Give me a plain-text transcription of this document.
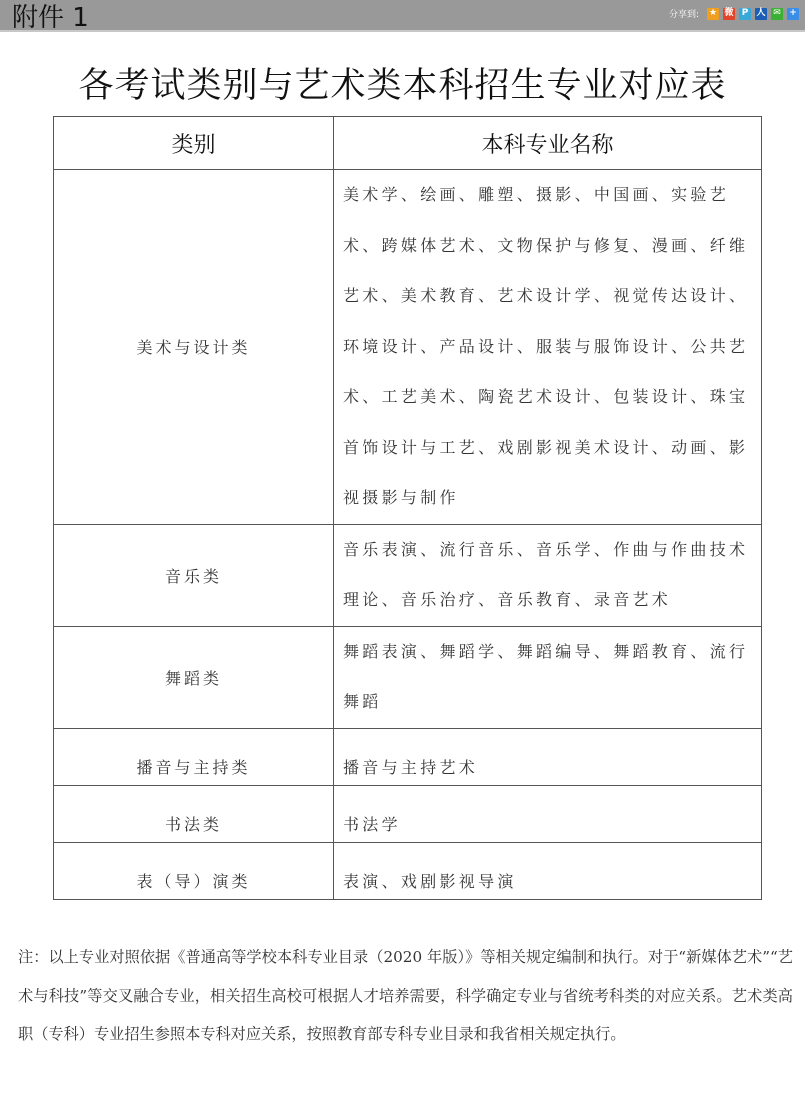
附件 1	分享到: ★ 微 P 人 ✉ +
各考试类别与艺术类本科招生专业对应表
类别	本科专业名称
美术与设计类	美术学、绘画、雕塑、摄影、中国画、实验艺术、跨媒体艺术、文物保护与修复、漫画、纤维艺术、美术教育、艺术设计学、视觉传达设计、环境设计、产品设计、服装与服饰设计、公共艺术、工艺美术、陶瓷艺术设计、包装设计、珠宝首饰设计与工艺、戏剧影视美术设计、动画、影视摄影与制作
音乐类	音乐表演、流行音乐、音乐学、作曲与作曲技术理论、音乐治疗、音乐教育、录音艺术
舞蹈类	舞蹈表演、舞蹈学、舞蹈编导、舞蹈教育、流行舞蹈
播音与主持类	播音与主持艺术
书法类	书法学
表（导）演类	表演、戏剧影视导演
注：以上专业对照依据《普通高等学校本科专业目录（2020 年版）》等相关规定编制和执行。对于“新媒体艺术”“艺术与科技”等交叉融合专业，相关招生高校可根据人才培养需要，科学确定专业与省统考科类的对应关系。艺术类高职（专科）专业招生参照本专科对应关系，按照教育部专科专业目录和我省相关规定执行。
